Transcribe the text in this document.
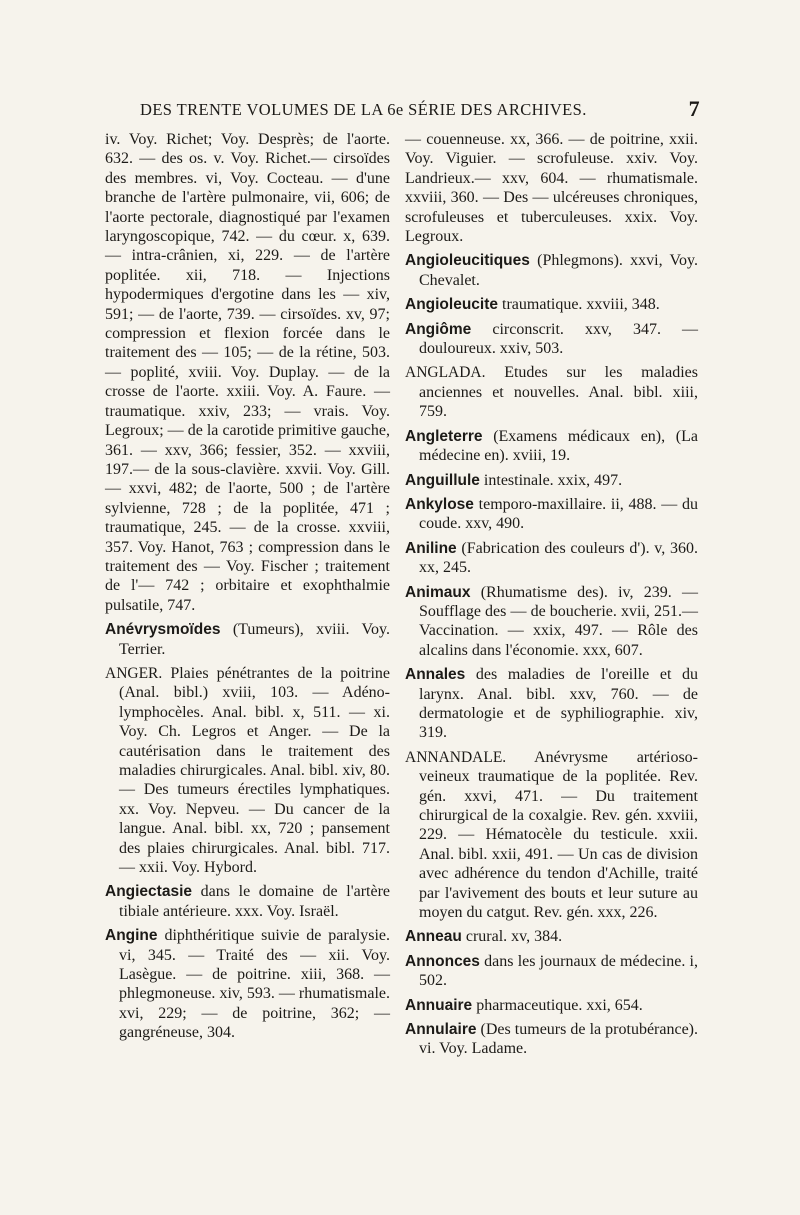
DES TRENTE VOLUMES DE LA 6e SÉRIE DES ARCHIVES.	7

iv. Voy. Richet; Voy. Desprès; de l'aorte. 632. — des os. v. Voy. Richet.— cirsoïdes des membres. vi, Voy. Cocteau. — d'une branche de l'artère pulmonaire, vii, 606; de l'aorte pectorale, diagnostiqué par l'examen laryngoscopique, 742. — du cœur. x, 639. — intra-crânien, xi, 229. — de l'artère poplitée. xii, 718. — Injections hypodermiques d'ergotine dans les — xiv, 591; — de l'aorte, 739. — cirsoïdes. xv, 97; compression et flexion forcée dans le traitement des — 105; — de la rétine, 503.— poplité, xviii. Voy. Duplay. — de la crosse de l'aorte. xxiii. Voy. A. Faure. — traumatique. xxiv, 233; — vrais. Voy. Legroux; — de la carotide primitive gauche, 361. — xxv, 366; fessier, 352. — xxviii, 197.— de la sous-clavière. xxvii. Voy. Gill. — xxvi, 482; de l'aorte, 500 ; de l'artère sylvienne, 728 ; de la poplitée, 471 ; traumatique, 245. — de la crosse. xxviii, 357. Voy. Hanot, 763 ; compression dans le traitement des — Voy. Fischer ; traitement de l'— 742 ; orbitaire et exophthalmie pulsatile, 747.

Anévrysmoïdes (Tumeurs), xviii. Voy. Terrier.

ANGER. Plaies pénétrantes de la poitrine (Anal. bibl.) xviii, 103. — Adéno-lymphocèles. Anal. bibl. x, 511. — xi. Voy. Ch. Legros et Anger. — De la cautérisation dans le traitement des maladies chirurgicales. Anal. bibl. xiv, 80. — Des tumeurs érectiles lymphatiques. xx. Voy. Nepveu. — Du cancer de la langue. Anal. bibl. xx, 720 ; pansement des plaies chirurgicales. Anal. bibl. 717. — xxii. Voy. Hybord.

Angiectasie dans le domaine de l'artère tibiale antérieure. xxx. Voy. Israël.

Angine diphthéritique suivie de paralysie. vi, 345. — Traité des — xii. Voy. Lasègue. — de poitrine. xiii, 368. — phlegmoneuse. xiv, 593. — rhumatismale. xvi, 229; — de poitrine, 362; — gangréneuse, 304.

— couenneuse. xx, 366. — de poitrine, xxii. Voy. Viguier. — scrofuleuse. xxiv. Voy. Landrieux.— xxv, 604. — rhumatismale. xxviii, 360. — Des — ulcéreuses chroniques, scrofuleuses et tuberculeuses. xxix. Voy. Legroux.

Angioleucitiques (Phlegmons). xxvi, Voy. Chevalet.

Angioleucite traumatique. xxviii, 348.

Angiôme circonscrit. xxv, 347. — douloureux. xxiv, 503.

ANGLADA. Etudes sur les maladies anciennes et nouvelles. Anal. bibl. xiii, 759.

Angleterre (Examens médicaux en), (La médecine en). xviii, 19.

Anguillule intestinale. xxix, 497.

Ankylose temporo-maxillaire. ii, 488. — du coude. xxv, 490.

Aniline (Fabrication des couleurs d'). v, 360. xx, 245.

Animaux (Rhumatisme des). iv, 239. — Soufflage des — de boucherie. xvii, 251.— Vaccination. — xxix, 497. — Rôle des alcalins dans l'économie. xxx, 607.

Annales des maladies de l'oreille et du larynx. Anal. bibl. xxv, 760. — de dermatologie et de syphiliographie. xiv, 319.

ANNANDALE. Anévrysme artérioso-veineux traumatique de la poplitée. Rev. gén. xxvi, 471. — Du traitement chirurgical de la coxalgie. Rev. gén. xxviii, 229. — Hématocèle du testicule. xxii. Anal. bibl. xxii, 491. — Un cas de division avec adhérence du tendon d'Achille, traité par l'avivement des bouts et leur suture au moyen du catgut. Rev. gén. xxx, 226.

Anneau crural. xv, 384.

Annonces dans les journaux de médecine. i, 502.

Annuaire pharmaceutique. xxi, 654.

Annulaire (Des tumeurs de la protubérance). vi. Voy. Ladame.
